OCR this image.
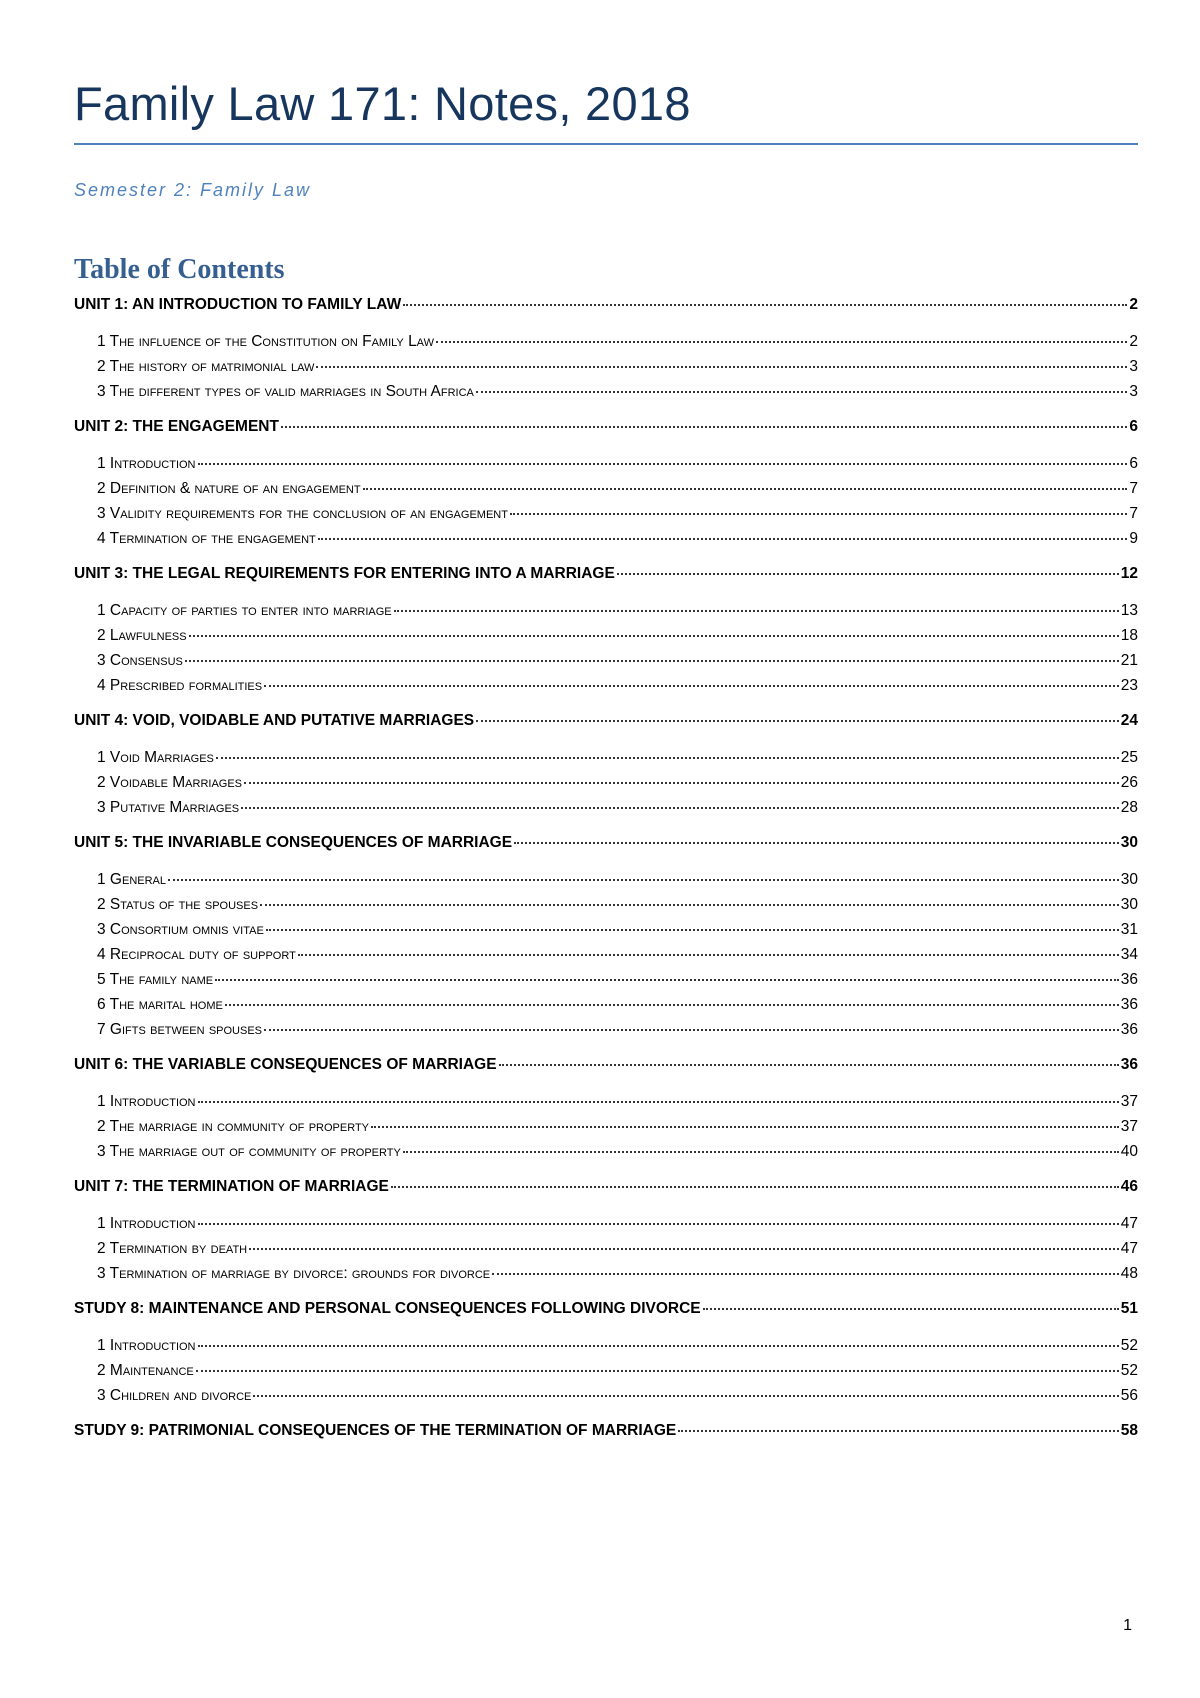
Family Law 171: Notes, 2018
Semester 2: Family Law
Table of Contents
UNIT 1: AN INTRODUCTION TO FAMILY LAW	2
1 The influence of the Constitution on Family Law	2
2 The history of matrimonial law	3
3 The different types of valid marriages in South Africa	3
UNIT 2: THE ENGAGEMENT	6
1 Introduction	6
2 Definition & nature of an engagement	7
3 Validity requirements for the conclusion of an engagement	7
4 Termination of the engagement	9
UNIT 3: THE LEGAL REQUIREMENTS FOR ENTERING INTO A MARRIAGE	12
1 Capacity of parties to enter into marriage	13
2 Lawfulness	18
3 Consensus	21
4 Prescribed formalities	23
UNIT 4: VOID, VOIDABLE AND PUTATIVE MARRIAGES	24
1 Void Marriages	25
2 Voidable Marriages	26
3 Putative Marriages	28
UNIT 5: THE INVARIABLE CONSEQUENCES OF MARRIAGE	30
1 General	30
2 Status of the spouses	30
3 Consortium omnis vitae	31
4 Reciprocal duty of support	34
5 The family name	36
6 The marital home	36
7 Gifts between spouses	36
UNIT 6: THE VARIABLE CONSEQUENCES OF MARRIAGE	36
1 Introduction	37
2 The marriage in community of property	37
3 The marriage out of community of property	40
UNIT 7: THE TERMINATION OF MARRIAGE	46
1 Introduction	47
2 Termination by death	47
3 Termination of marriage by divorce: grounds for divorce	48
STUDY 8: MAINTENANCE AND PERSONAL CONSEQUENCES FOLLOWING DIVORCE	51
1 Introduction	52
2 Maintenance	52
3 Children and divorce	56
STUDY 9: PATRIMONIAL CONSEQUENCES OF THE TERMINATION OF MARRIAGE	58
1
